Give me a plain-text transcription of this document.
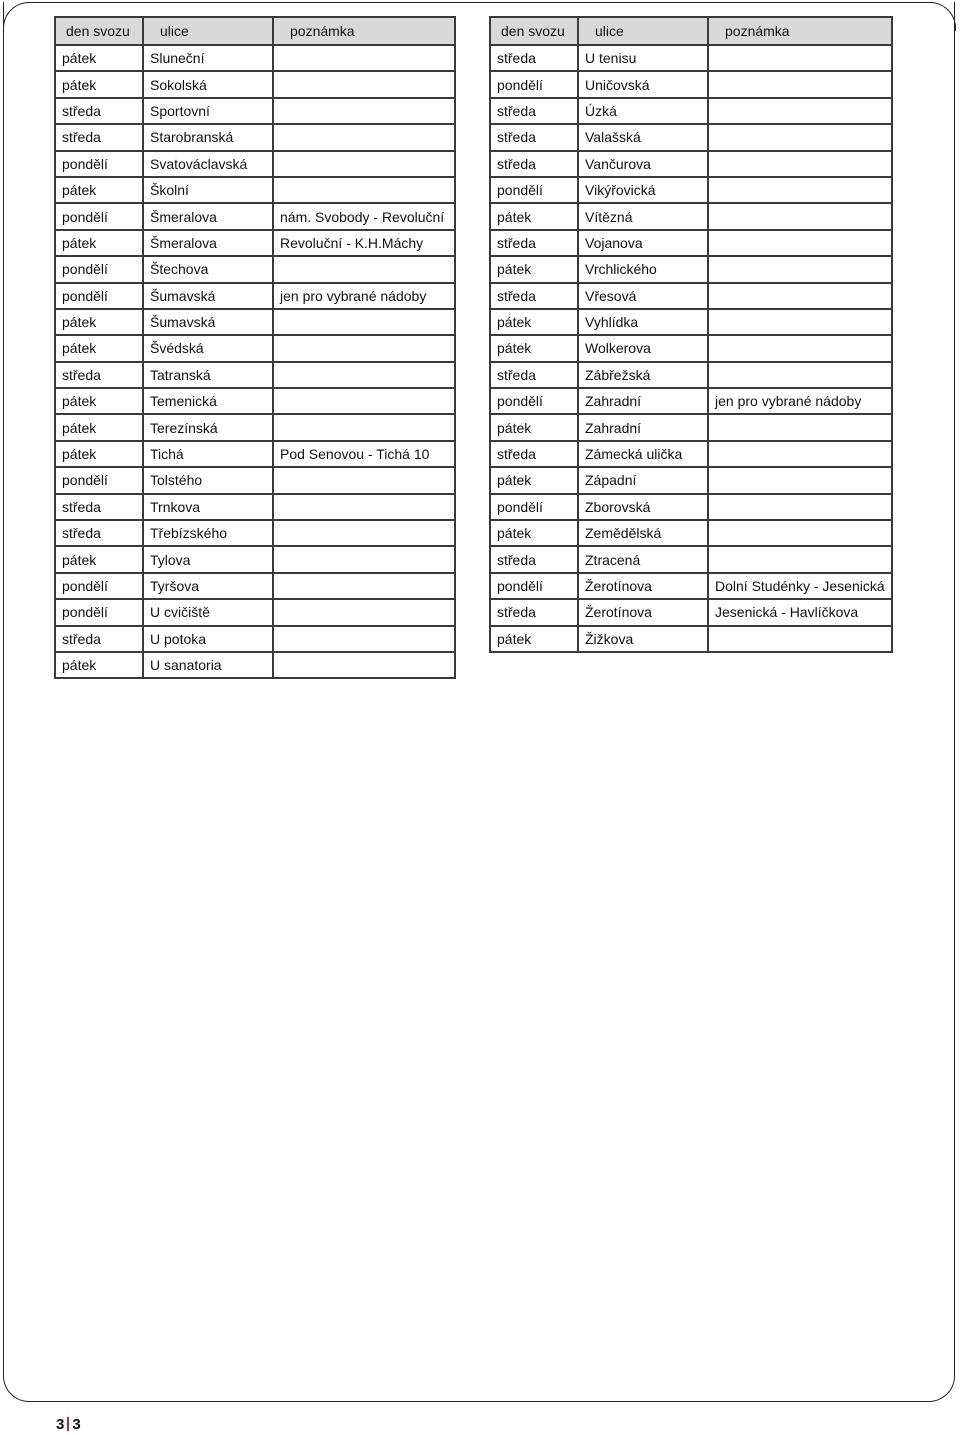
den svozu	ulice	poznámka
pátek	Sluneční	
pátek	Sokolská	
středa	Sportovní	
středa	Starobranská	
pondělí	Svatováclavská	
pátek	Školní	
pondělí	Šmeralova	nám. Svobody - Revoluční
pátek	Šmeralova	Revoluční - K.H.Máchy
pondělí	Štechova	
pondělí	Šumavská	jen pro vybrané nádoby
pátek	Šumavská	
pátek	Švédská	
středa	Tatranská	
pátek	Temenická	
pátek	Terezínská	
pátek	Tichá	Pod Senovou - Tichá 10
pondělí	Tolstého	
středa	Trnkova	
středa	Třebízského	
pátek	Tylova	
pondělí	Tyršova	
pondělí	U cvičiště	
středa	U potoka	
pátek	U sanatoria	
den svozu	ulice	poznámka
středa	U tenisu	
pondělí	Uničovská	
středa	Úzká	
středa	Valašská	
středa	Vančurova	
pondělí	Vikýřovická	
pátek	Vítězná	
středa	Vojanova	
pátek	Vrchlického	
středa	Vřesová	
pátek	Vyhlídka	
pátek	Wolkerova	
středa	Zábřežská	
pondělí	Zahradní	jen pro vybrané nádoby
pátek	Zahradní	
středa	Zámecká ulička	
pátek	Západní	
pondělí	Zborovská	
pátek	Zemědělská	
středa	Ztracená	
pondělí	Žerotínova	Dolní Studénky - Jesenická
středa	Žerotínova	Jesenická - Havlíčkova
pátek	Žižkova	
3 3
